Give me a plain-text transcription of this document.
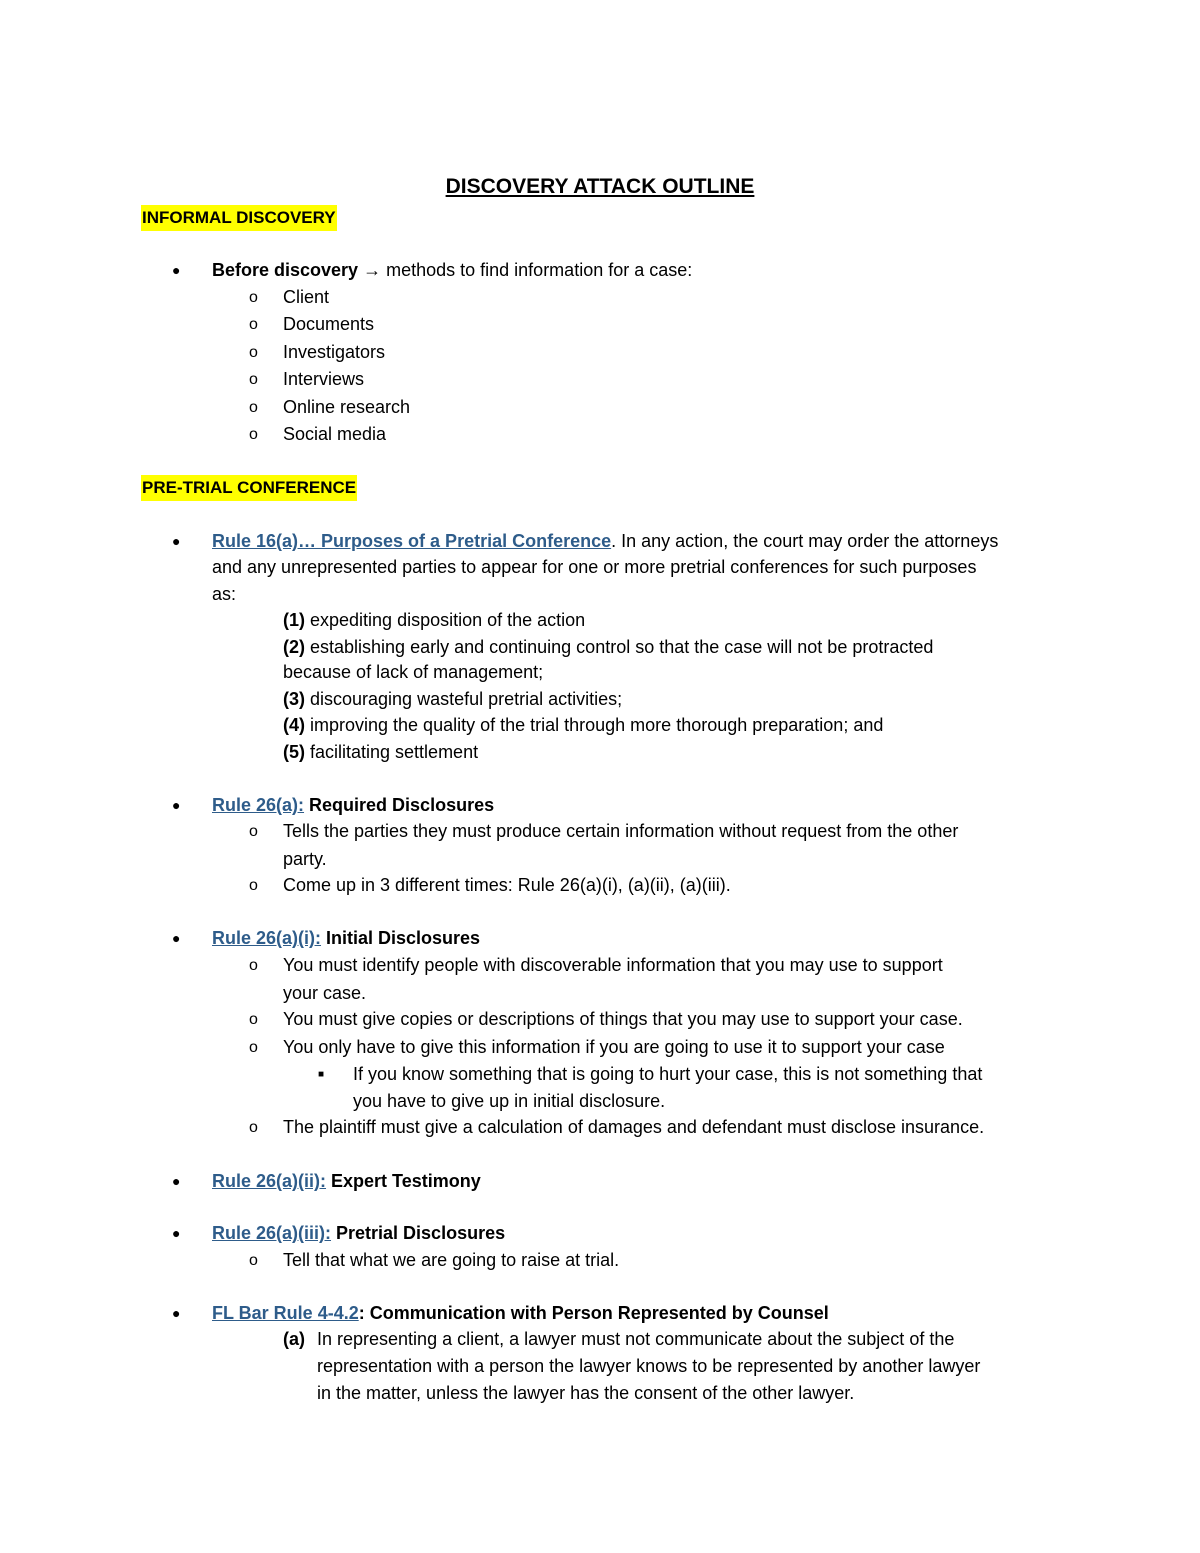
DISCOVERY ATTACK OUTLINE
INFORMAL DISCOVERY
● Before discovery → methods to find information for a case:
o Client
o Documents
o Investigators
o Interviews
o Online research
o Social media
PRE-TRIAL CONFERENCE
● Rule 16(a)… Purposes of a Pretrial Conference. In any action, the court may order the attorneys
and any unrepresented parties to appear for one or more pretrial conferences for such purposes
as:
(1) expediting disposition of the action
(2) establishing early and continuing control so that the case will not be protracted
because of lack of management;
(3) discouraging wasteful pretrial activities;
(4) improving the quality of the trial through more thorough preparation; and
(5) facilitating settlement
● Rule 26(a): Required Disclosures
o Tells the parties they must produce certain information without request from the other
party.
o Come up in 3 different times: Rule 26(a)(i), (a)(ii), (a)(iii).
● Rule 26(a)(i): Initial Disclosures
o You must identify people with discoverable information that you may use to support
your case.
o You must give copies or descriptions of things that you may use to support your case.
o You only have to give this information if you are going to use it to support your case
■ If you know something that is going to hurt your case, this is not something that
you have to give up in initial disclosure.
o The plaintiff must give a calculation of damages and defendant must disclose insurance.
● Rule 26(a)(ii): Expert Testimony
● Rule 26(a)(iii): Pretrial Disclosures
o Tell that what we are going to raise at trial.
● FL Bar Rule 4-4.2: Communication with Person Represented by Counsel
(a) In representing a client, a lawyer must not communicate about the subject of the
representation with a person the lawyer knows to be represented by another lawyer
in the matter, unless the lawyer has the consent of the other lawyer.
